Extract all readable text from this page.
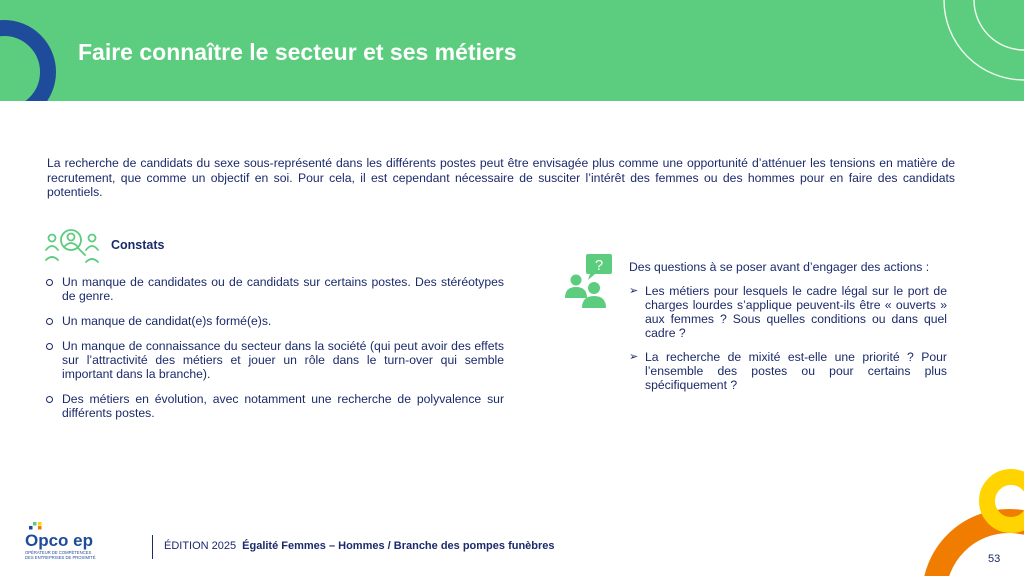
Faire connaître le secteur et ses métiers
La recherche de candidats du sexe sous-représenté dans les différents postes peut être envisagée plus comme une opportunité d’atténuer les tensions en matière de recrutement, que comme un objectif en soi. Pour cela, il est cependant nécessaire de susciter l’intérêt des femmes ou des hommes pour en faire des candidats potentiels.
Constats
Un manque de candidates ou de candidats sur certains postes. Des stéréotypes de genre.
Un manque de candidat(e)s formé(e)s.
Un manque de connaissance du secteur dans la société (qui peut avoir des effets sur l’attractivité des métiers et jouer un rôle dans le turn-over qui semble important dans la branche).
Des métiers en évolution, avec notamment une recherche de polyvalence sur différents postes.
? Des questions à se poser avant d’engager des actions :
➢ Les métiers pour lesquels le cadre légal sur le port de charges lourdes s’applique peuvent-ils être « ouverts » aux femmes ? Sous quelles conditions ou dans quel cadre ?
➢ La recherche de mixité est-elle une priorité ? Pour l’ensemble des postes ou pour certains plus spécifiquement ?
Opco ep
OPÉRATEUR DE COMPÉTENCES
DES ENTREPRISES DE PROXIMITÉ
ÉDITION 2025 Égalité Femmes – Hommes / Branche des pompes funèbres
53
